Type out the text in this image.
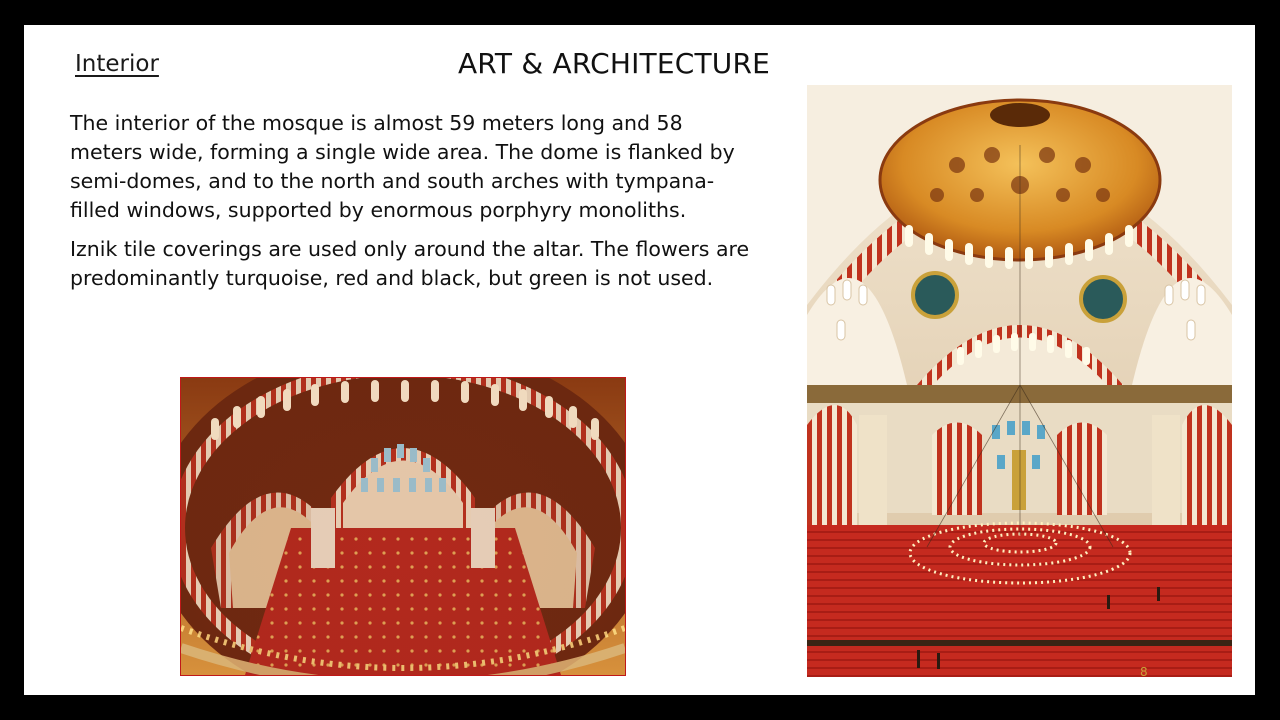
Interior	ART & ARCHITECTURE

The interior of the mosque is almost 59 meters long and 58 meters wide, forming a single wide area. The dome is flanked by semi-domes, and to the north and south arches with tympana-filled windows, supported by enormous porphyry monoliths.

Iznik tile coverings are used only around the altar. The flowers are predominantly turquoise, red and black, but green is not used.

8
